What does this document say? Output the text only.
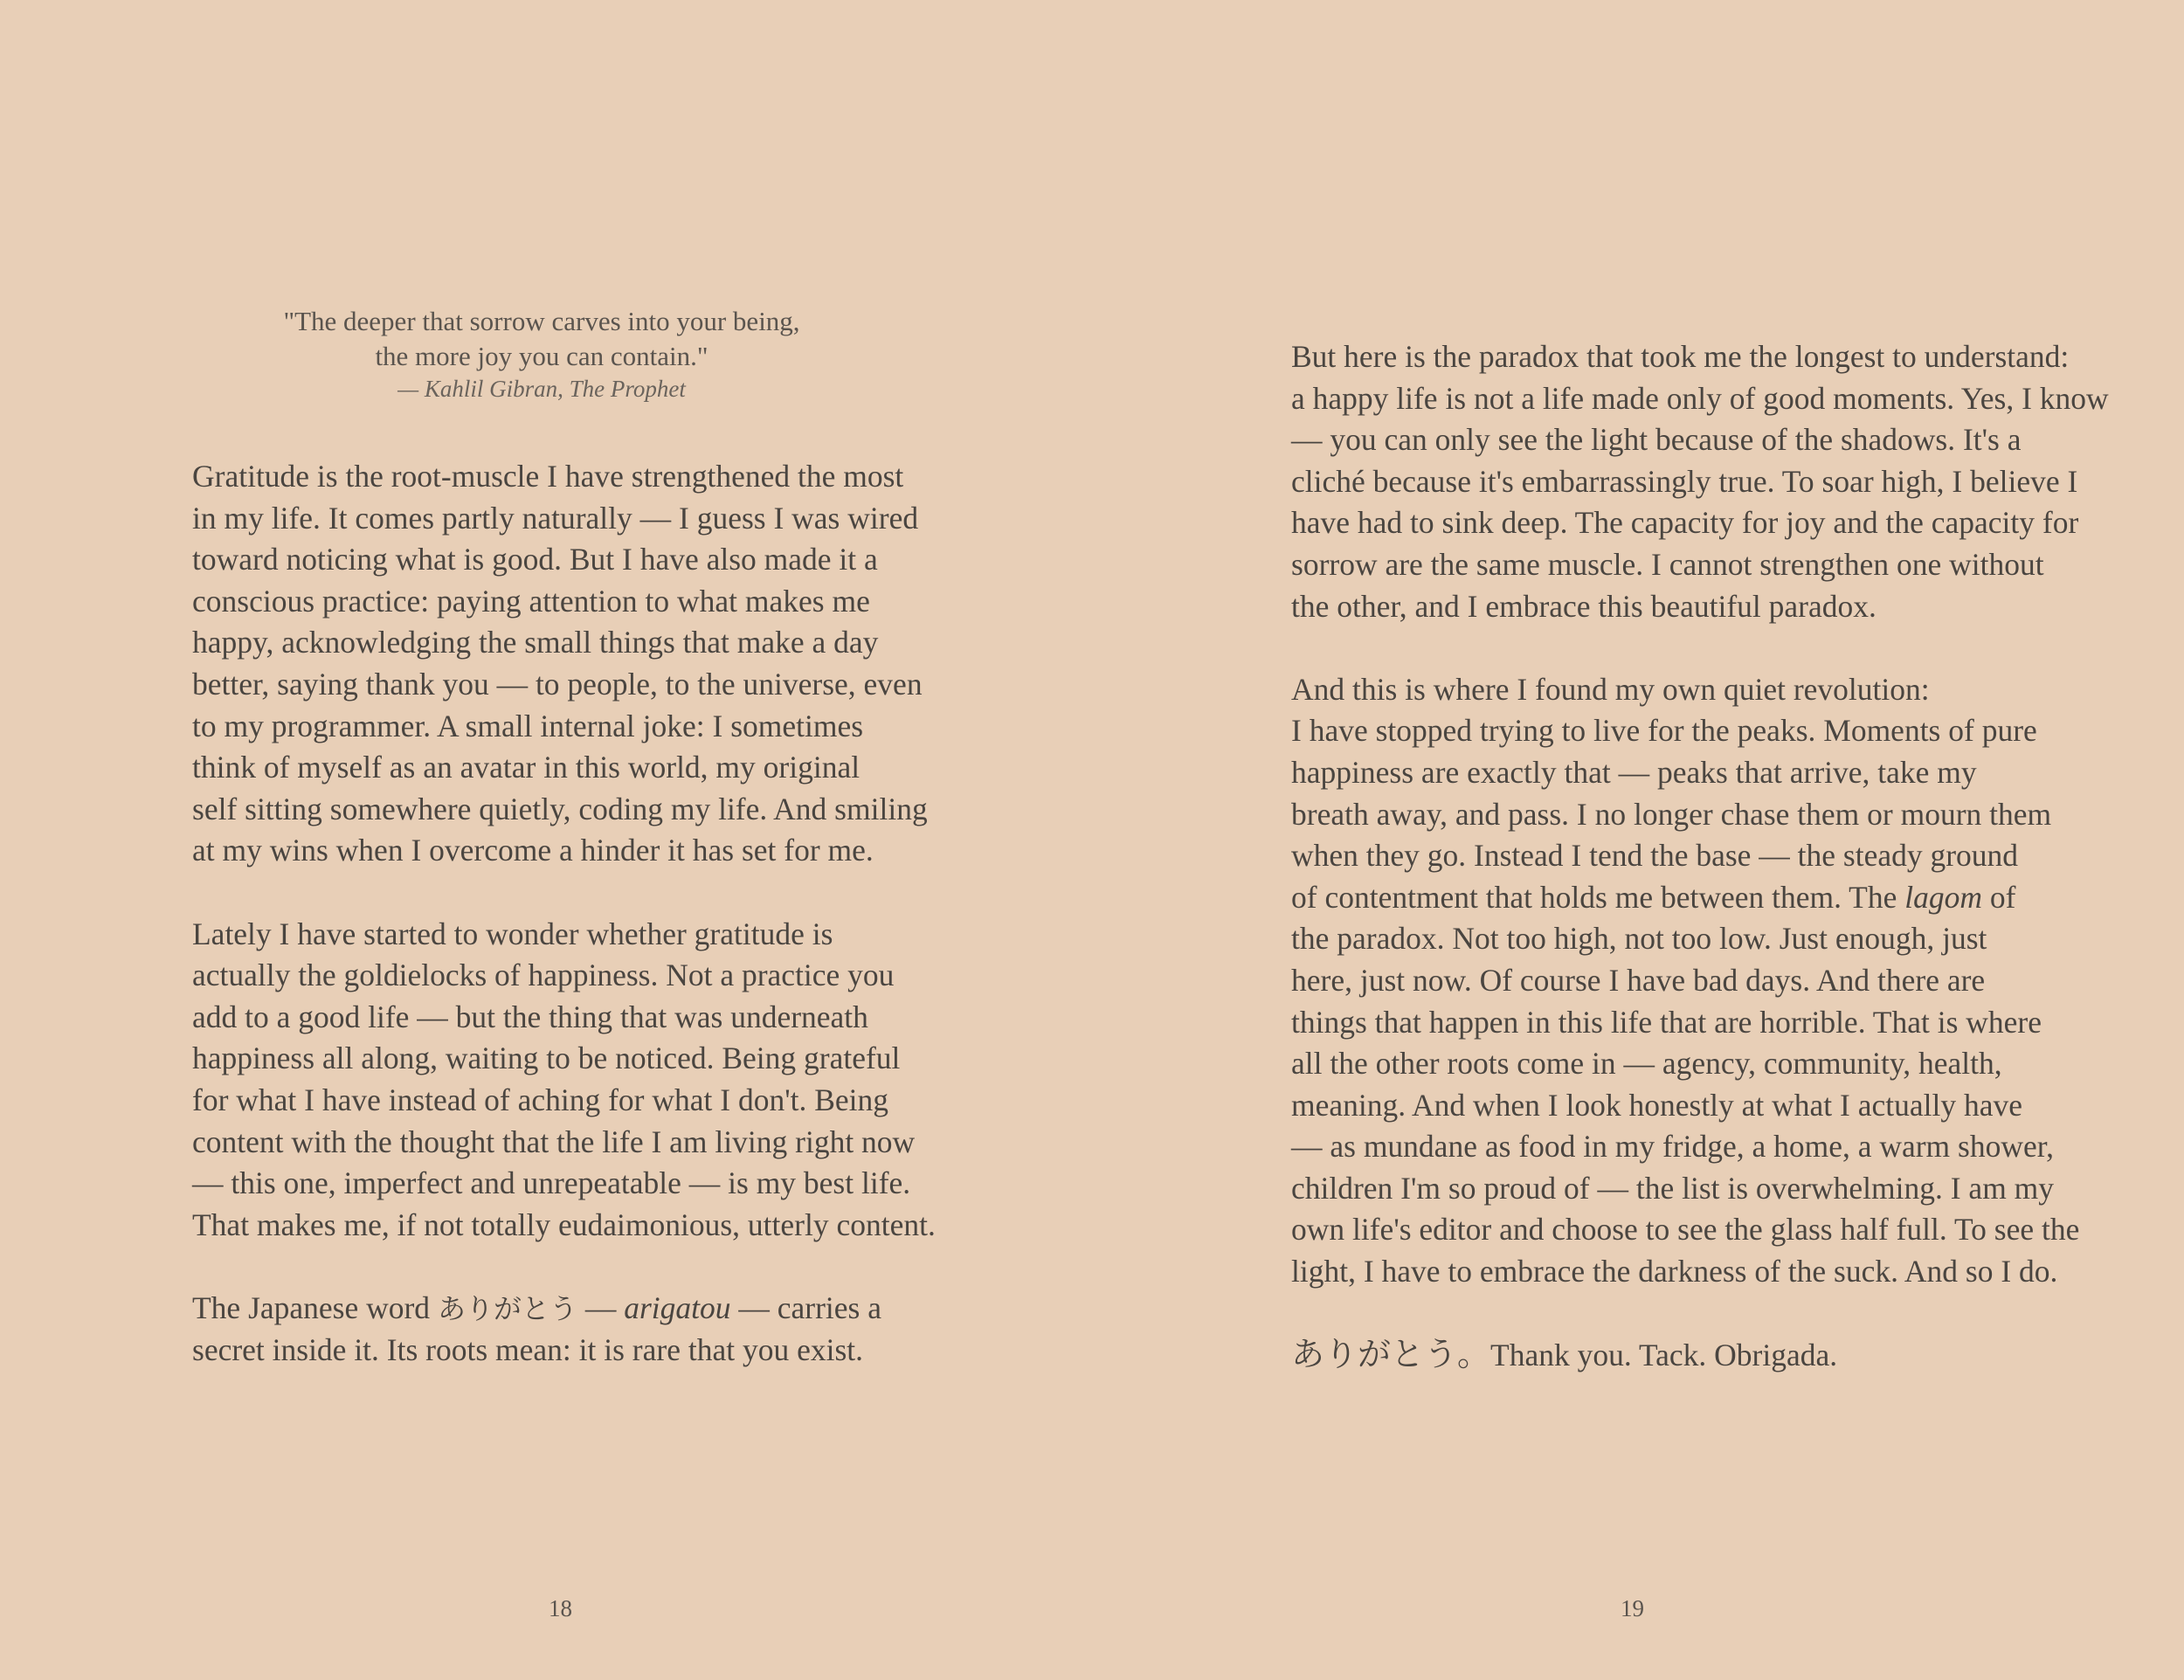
"The deeper that sorrow carves into your being,
the more joy you can contain."
— Kahlil Gibran, The Prophet
Gratitude is the root-muscle I have strengthened the most
in my life. It comes partly naturally — I guess I was wired
toward noticing what is good. But I have also made it a
conscious practice: paying attention to what makes me
happy, acknowledging the small things that make a day
better, saying thank you — to people, to the universe, even
to my programmer. A small internal joke: I sometimes
think of myself as an avatar in this world, my original
self sitting somewhere quietly, coding my life. And smiling
at my wins when I overcome a hinder it has set for me.
Lately I have started to wonder whether gratitude is
actually the goldielocks of happiness. Not a practice you
add to a good life — but the thing that was underneath
happiness all along, waiting to be noticed. Being grateful
for what I have instead of aching for what I don't. Being
content with the thought that the life I am living right now
— this one, imperfect and unrepeatable — is my best life.
That makes me, if not totally eudaimonious, utterly content.
The Japanese word ありがとう — arigatou — carries a
secret inside it. Its roots mean: it is rare that you exist.
18
But here is the paradox that took me the longest to understand:
a happy life is not a life made only of good moments. Yes, I know
— you can only see the light because of the shadows. It's a
cliché because it's embarrassingly true. To soar high, I believe I
have had to sink deep. The capacity for joy and the capacity for
sorrow are the same muscle. I cannot strengthen one without
the other, and I embrace this beautiful paradox.
And this is where I found my own quiet revolution:
I have stopped trying to live for the peaks. Moments of pure
happiness are exactly that — peaks that arrive, take my
breath away, and pass. I no longer chase them or mourn them
when they go. Instead I tend the base — the steady ground
of contentment that holds me between them. The lagom of
the paradox. Not too high, not too low. Just enough, just
here, just now. Of course I have bad days. And there are
things that happen in this life that are horrible. That is where
all the other roots come in — agency, community, health,
meaning. And when I look honestly at what I actually have
— as mundane as food in my fridge, a home, a warm shower,
children I'm so proud of — the list is overwhelming. I am my
own life's editor and choose to see the glass half full. To see the
light, I have to embrace the darkness of the suck. And so I do.
ありがとう。Thank you. Tack. Obrigada.
19
